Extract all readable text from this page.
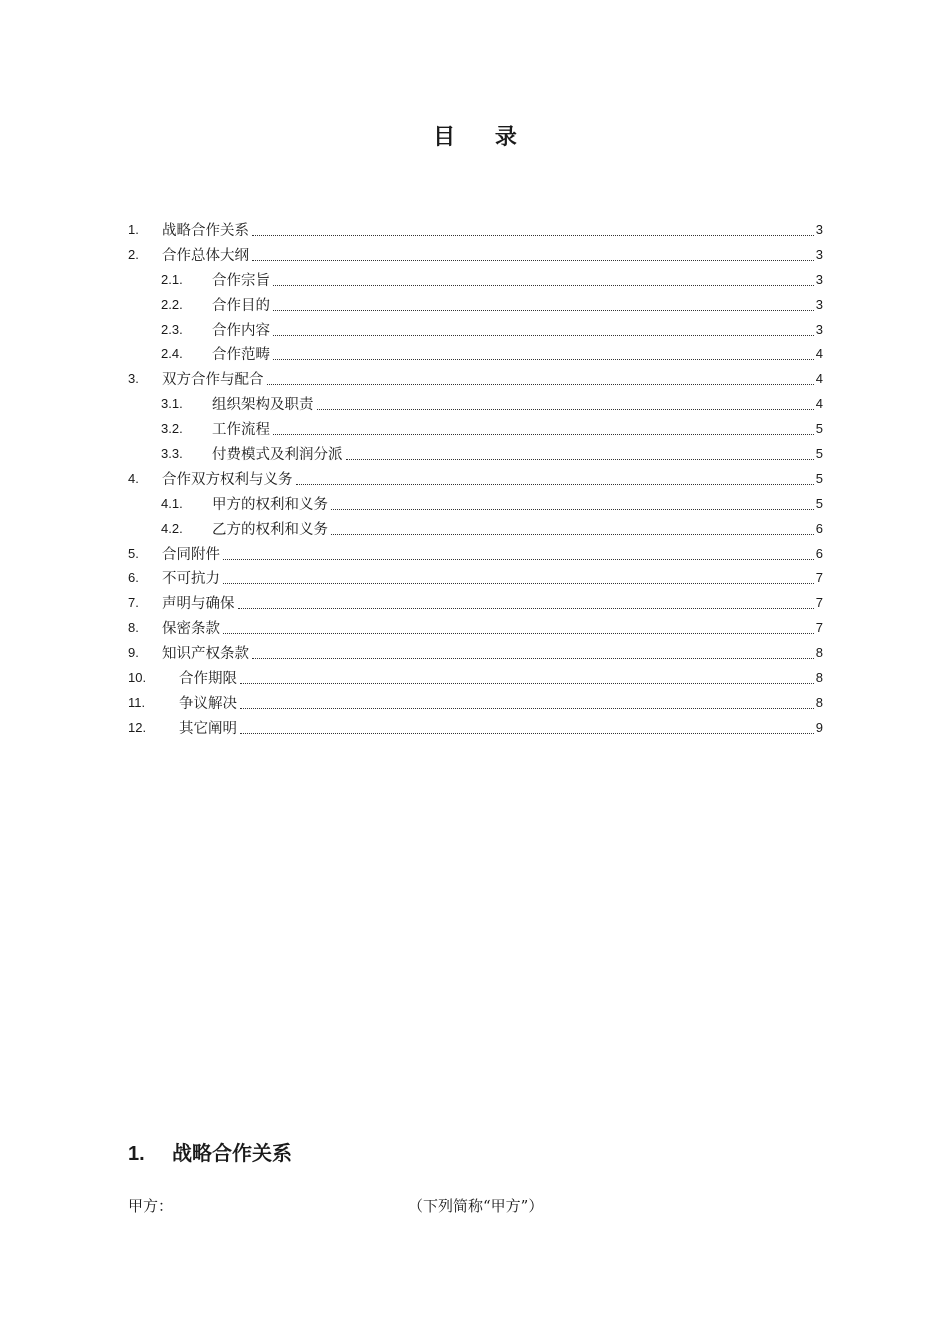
目 录
1.	战略合作关系	3
2.	合作总体大纲	3
2.1.	合作宗旨	3
2.2.	合作目的	3
2.3.	合作内容	3
2.4.	合作范畴	4
3.	双方合作与配合	4
3.1.	组织架构及职责	4
3.2.	工作流程	5
3.3.	付费模式及利润分派	5
4.	合作双方权利与义务	5
4.1.	甲方的权利和义务	5
4.2.	乙方的权利和义务	6
5.	合同附件	6
6.	不可抗力	7
7.	声明与确保	7
8.	保密条款	7
9.	知识产权条款	8
10.	合作期限	8
11.	争议解决	8
12.	其它阐明	9
1. 战略合作关系
甲方：	（下列简称“甲方”）
